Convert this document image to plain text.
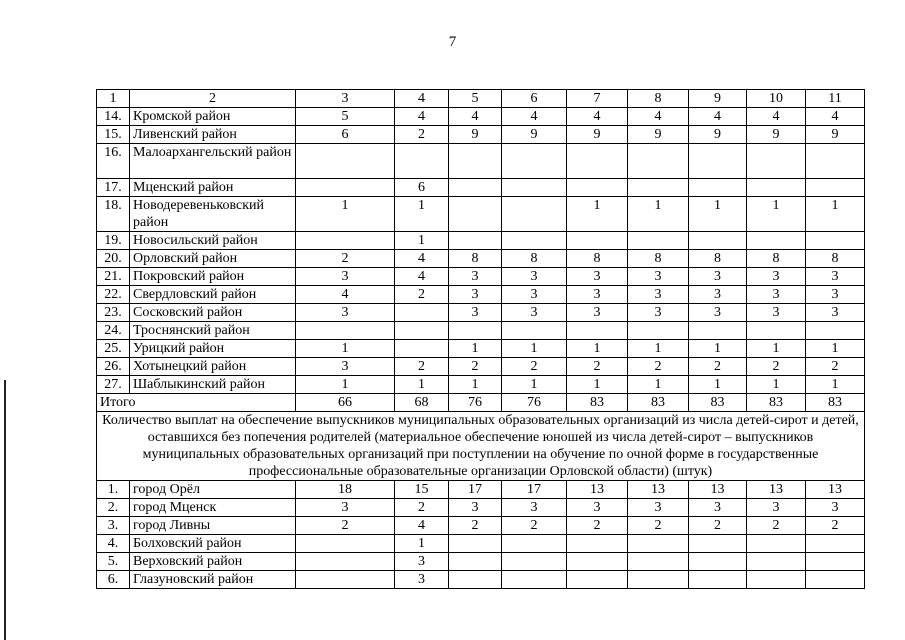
7
1	2	3	4	5	6	7	8	9	10	11
14.	Кромской район	5	4	4	4	4	4	4	4	4
15.	Ливенский район	6	2	9	9	9	9	9	9	9
16.	Малоархангельский район									
17.	Мценский район		6							
18.	Новодеревеньковский район	1	1			1	1	1	1	1
19.	Новосильский район		1							
20.	Орловский район	2	4	8	8	8	8	8	8	8
21.	Покровский район	3	4	3	3	3	3	3	3	3
22.	Свердловский район	4	2	3	3	3	3	3	3	3
23.	Сосковский район	3		3	3	3	3	3	3	3
24.	Троснянский район									
25.	Урицкий район	1		1	1	1	1	1	1	1
26.	Хотынецкий район	3	2	2	2	2	2	2	2	2
27.	Шаблыкинский район	1	1	1	1	1	1	1	1	1
Итого		66	68	76	76	83	83	83	83	83
Количество выплат на обеспечение выпускников муниципальных образовательных организаций из числа детей-сирот и детей, оставшихся без попечения родителей (материальное обеспечение юношей из числа детей-сирот – выпускников муниципальных образовательных организаций при поступлении на обучение по очной форме в государственные профессиональные образовательные организации Орловской области) (штук)										
1.	город Орёл	18	15	17	17	13	13	13	13	13
2.	город Мценск	3	2	3	3	3	3	3	3	3
3.	город Ливны	2	4	2	2	2	2	2	2	2
4.	Болховский район		1							
5.	Верховский район		3							
6.	Глазуновский район		3							
